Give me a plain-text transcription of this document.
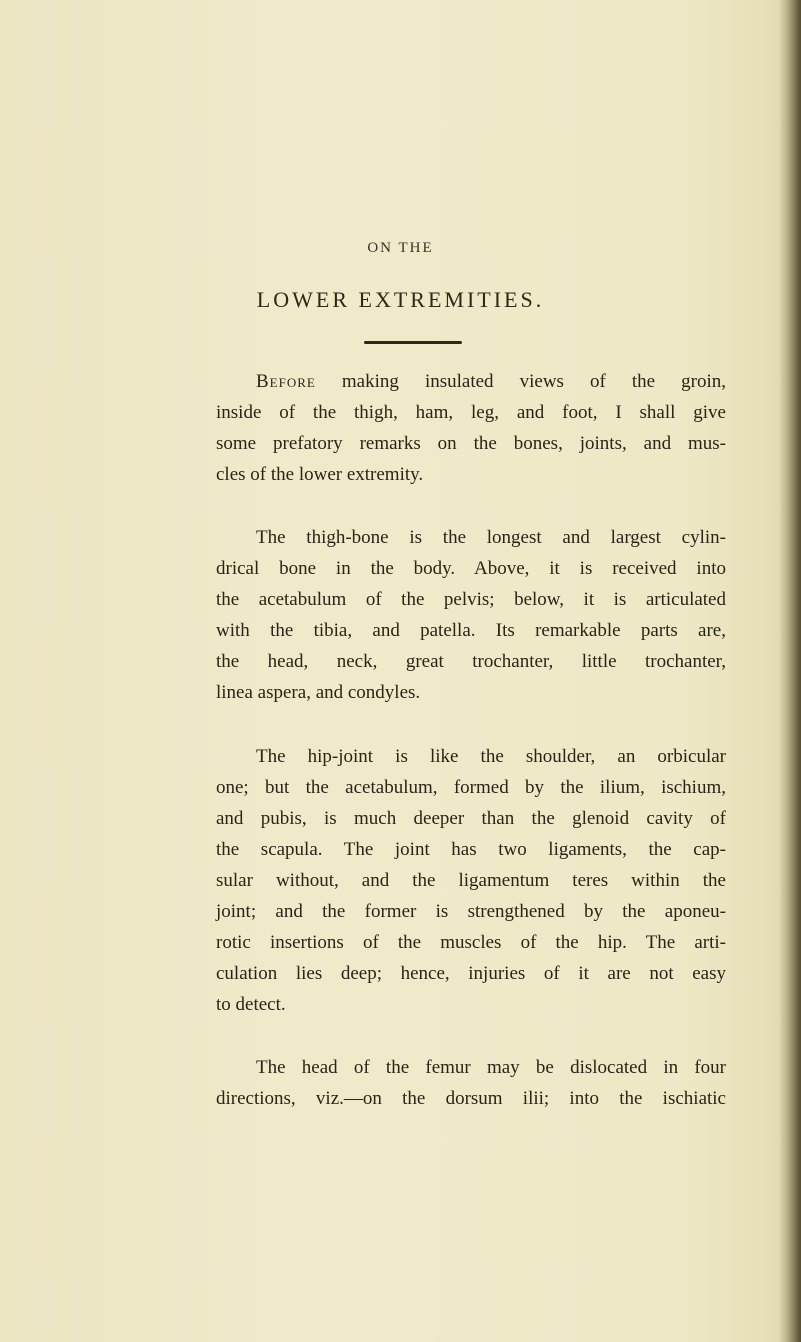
ON THE
LOWER EXTREMITIES.
Before making insulated views of the groin,
inside of the thigh, ham, leg, and foot, I shall give
some prefatory remarks on the bones, joints, and mus-
cles of the lower extremity.
The thigh-bone is the longest and largest cylin-
drical bone in the body. Above, it is received into
the acetabulum of the pelvis; below, it is articulated
with the tibia, and patella. Its remarkable parts are,
the head, neck, great trochanter, little trochanter,
linea aspera, and condyles.
The hip-joint is like the shoulder, an orbicular
one; but the acetabulum, formed by the ilium, ischium,
and pubis, is much deeper than the glenoid cavity of
the scapula. The joint has two ligaments, the cap-
sular without, and the ligamentum teres within the
joint; and the former is strengthened by the aponeu-
rotic insertions of the muscles of the hip. The arti-
culation lies deep; hence, injuries of it are not easy
to detect.
The head of the femur may be dislocated in four
directions, viz.—on the dorsum ilii; into the ischiatic
